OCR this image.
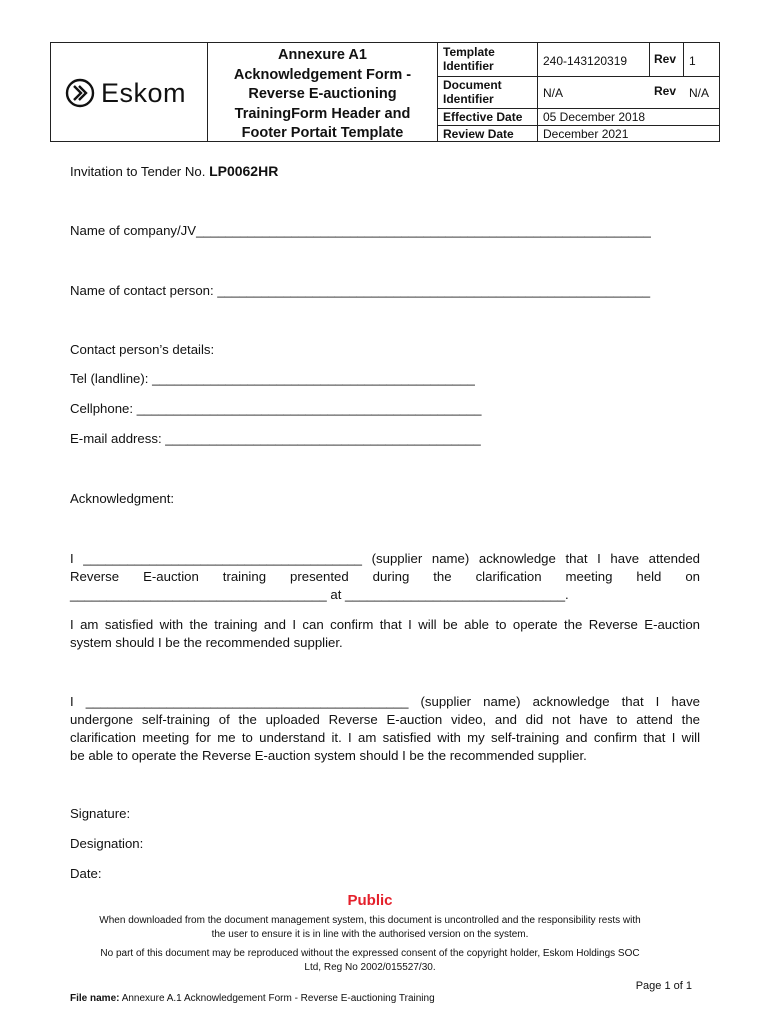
Eskom
Annexure A1
Acknowledgement Form -
Reverse E-auctioning
TrainingForm Header and
Footer Portait Template
Template Identifier	240-143120319 Rev 1
Document Identifier	N/A	Rev N/A
Effective Date 05 December 2018
Review Date December 2021
Invitation to Tender No. LP0062HR
Name of company/JV______________________________________________________________
Name of contact person: ___________________________________________________________
Contact person’s details:
Tel (landline): ____________________________________________
Cellphone: _______________________________________________
E-mail address: ___________________________________________
Acknowledgment:
I ______________________________________ (supplier name) acknowledge that I have attended
Reverse E-auction training presented during the clarification meeting held on
___________________________________ at ______________________________.
I am satisfied with the training and I can confirm that I will be able to operate the Reverse E-auction
system should I be the recommended supplier.
I ____________________________________________ (supplier name) acknowledge that I have
undergone self-training of the uploaded Reverse E-auction video, and did not have to attend the
clarification meeting for me to understand it. I am satisfied with my self-training and confirm that I will
be able to operate the Reverse E-auction system should I be the recommended supplier.
Signature:
Designation:
Date:
Public
When downloaded from the document management system, this document is uncontrolled and the responsibility rests with
the user to ensure it is in line with the authorised version on the system.
No part of this document may be reproduced without the expressed consent of the copyright holder, Eskom Holdings SOC
Ltd, Reg No 2002/015527/30.
Page 1 of 1
File name: Annexure A.1 Acknowledgement Form - Reverse E-auctioning Training
